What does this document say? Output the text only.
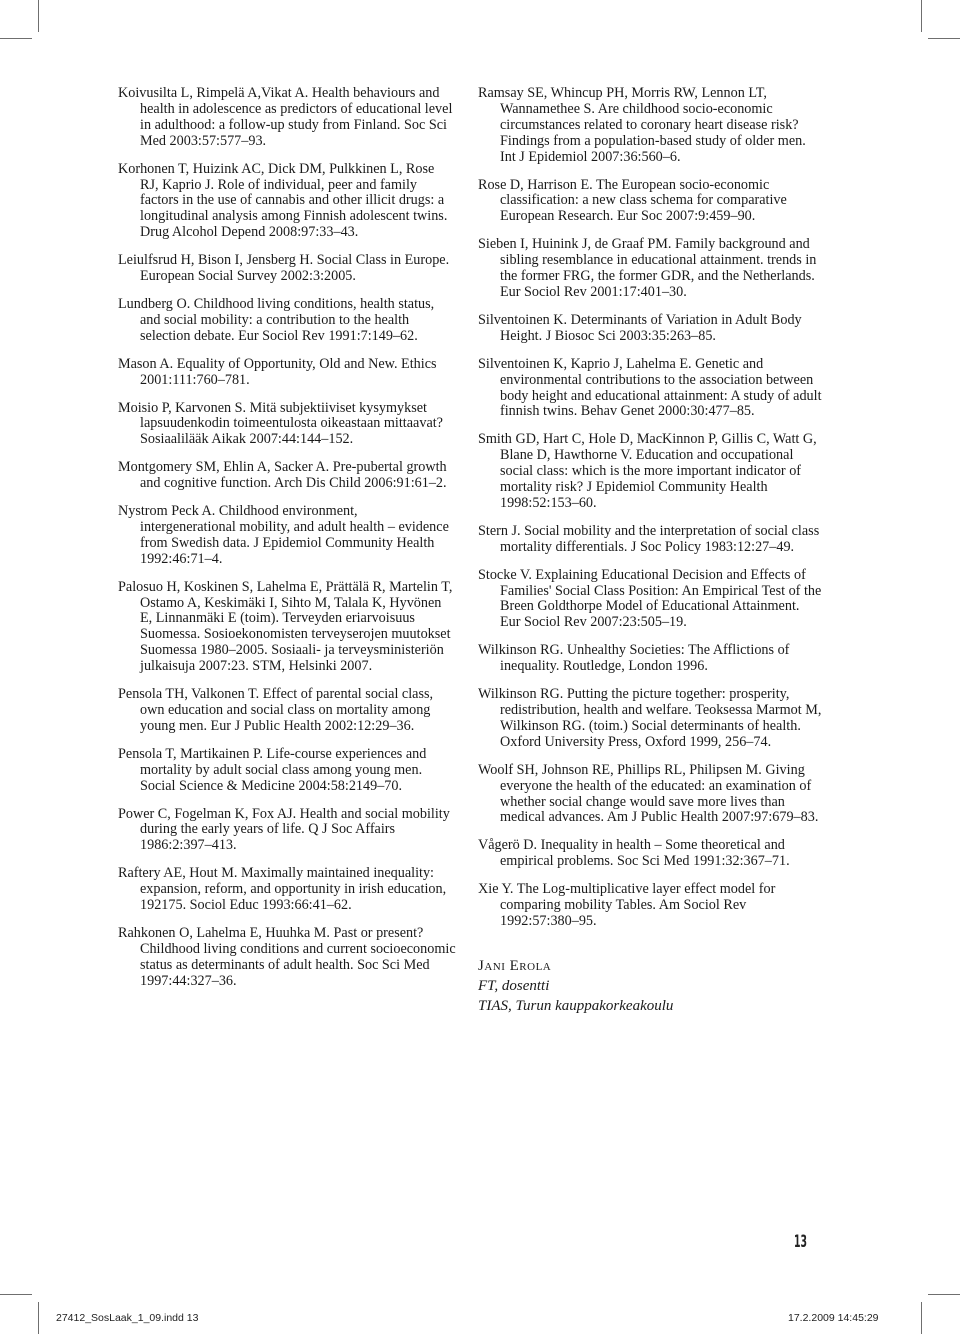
Koivusilta L, Rimpelä A,Vikat A. Health behaviours and health in adolescence as predictors of educational level in adulthood: a follow-up study from Finland. Soc Sci Med 2003:57:577–93.

Korhonen T, Huizink AC, Dick DM, Pulkkinen L, Rose RJ, Kaprio J. Role of individual, peer and family factors in the use of cannabis and other illicit drugs: a longitudinal analysis among Finnish adolescent twins. Drug Alcohol Depend 2008:97:33–43.

Leiulfsrud H, Bison I, Jensberg H. Social Class in Europe. European Social Survey 2002:3:2005.

Lundberg O. Childhood living conditions, health status, and social mobility: a contribution to the health selection debate. Eur Sociol Rev 1991:7:149–62.

Mason A. Equality of Opportunity, Old and New. Ethics 2001:111:760–781.

Moisio P, Karvonen S. Mitä subjektiiviset kysymykset lapsuudenkodin toimeentulosta oikeastaan mittaavat? Sosiaalilääk Aikak 2007:44:144–152.

Montgomery SM, Ehlin A, Sacker A. Pre-pubertal growth and cognitive function. Arch Dis Child 2006:91:61–2.

Nystrom Peck A. Childhood environment, intergenerational mobility, and adult health – evidence from Swedish data. J Epidemiol Community Health 1992:46:71–4.

Palosuo H, Koskinen S, Lahelma E, Prättälä R, Martelin T, Ostamo A, Keskimäki I, Sihto M, Talala K, Hyvönen E, Linnanmäki E (toim). Terveyden eriarvoisuus Suomessa. Sosioekonomisten terveyserojen muutokset Suomessa 1980–2005. Sosiaali- ja terveysministeriön julkaisuja 2007:23. STM, Helsinki 2007.

Pensola TH, Valkonen T. Effect of parental social class, own education and social class on mortality among young men. Eur J Public Health 2002:12:29–36.

Pensola T, Martikainen P. Life-course experiences and mortality by adult social class among young men. Social Science & Medicine 2004:58:2149–70.

Power C, Fogelman K, Fox AJ. Health and social mobility during the early years of life. Q J Soc Affairs 1986:2:397–413.

Raftery AE, Hout M. Maximally maintained inequality: expansion, reform, and opportunity in irish education, 192175. Sociol Educ 1993:66:41–62.

Rahkonen O, Lahelma E, Huuhka M. Past or present? Childhood living conditions and current socioeconomic status as determinants of adult health. Soc Sci Med 1997:44:327–36.

Ramsay SE, Whincup PH, Morris RW, Lennon LT, Wannamethee S. Are childhood socio-economic circumstances related to coronary heart disease risk? Findings from a population-based study of older men. Int J Epidemiol 2007:36:560–6.

Rose D, Harrison E. The European socio-economic classification: a new class schema for comparative European Research. Eur Soc 2007:9:459–90.

Sieben I, Huinink J, de Graaf PM. Family background and sibling resemblance in educational attainment. trends in the former FRG, the former GDR, and the Netherlands. Eur Sociol Rev 2001:17:401–30.

Silventoinen K. Determinants of Variation in Adult Body Height. J Biosoc Sci 2003:35:263–85.

Silventoinen K, Kaprio J, Lahelma E. Genetic and environmental contributions to the association between body height and educational attainment: A study of adult finnish twins. Behav Genet 2000:30:477–85.

Smith GD, Hart C, Hole D, MacKinnon P, Gillis C, Watt G, Blane D, Hawthorne V. Education and occupational social class: which is the more important indicator of mortality risk? J Epidemiol Community Health 1998:52:153–60.

Stern J. Social mobility and the interpretation of social class mortality differentials. J Soc Policy 1983:12:27–49.

Stocke V. Explaining Educational Decision and Effects of Families' Social Class Position: An Empirical Test of the Breen Goldthorpe Model of Educational Attainment. Eur Sociol Rev 2007:23:505–19.

Wilkinson RG. Unhealthy Societies: The Afflictions of inequality. Routledge, London 1996.

Wilkinson RG. Putting the picture together: prosperity, redistribution, health and welfare. Teoksessa Marmot M, Wilkinson RG. (toim.) Social determinants of health. Oxford University Press, Oxford 1999, 256–74.

Woolf SH, Johnson RE, Phillips RL, Philipsen M. Giving everyone the health of the educated: an examination of whether social change would save more lives than medical advances. Am J Public Health 2007:97:679–83.

Vågerö D. Inequality in health – Some theoretical and empirical problems. Soc Sci Med 1991:32:367–71.

Xie Y. The Log-multiplicative layer effect model for comparing mobility Tables. Am Sociol Rev 1992:57:380–95.

Jani Erola
FT, dosentti
TIAS, Turun kauppakorkeakoulu
13
27412_SosLaak_1_09.indd 13	17.2.2009 14:45:29
